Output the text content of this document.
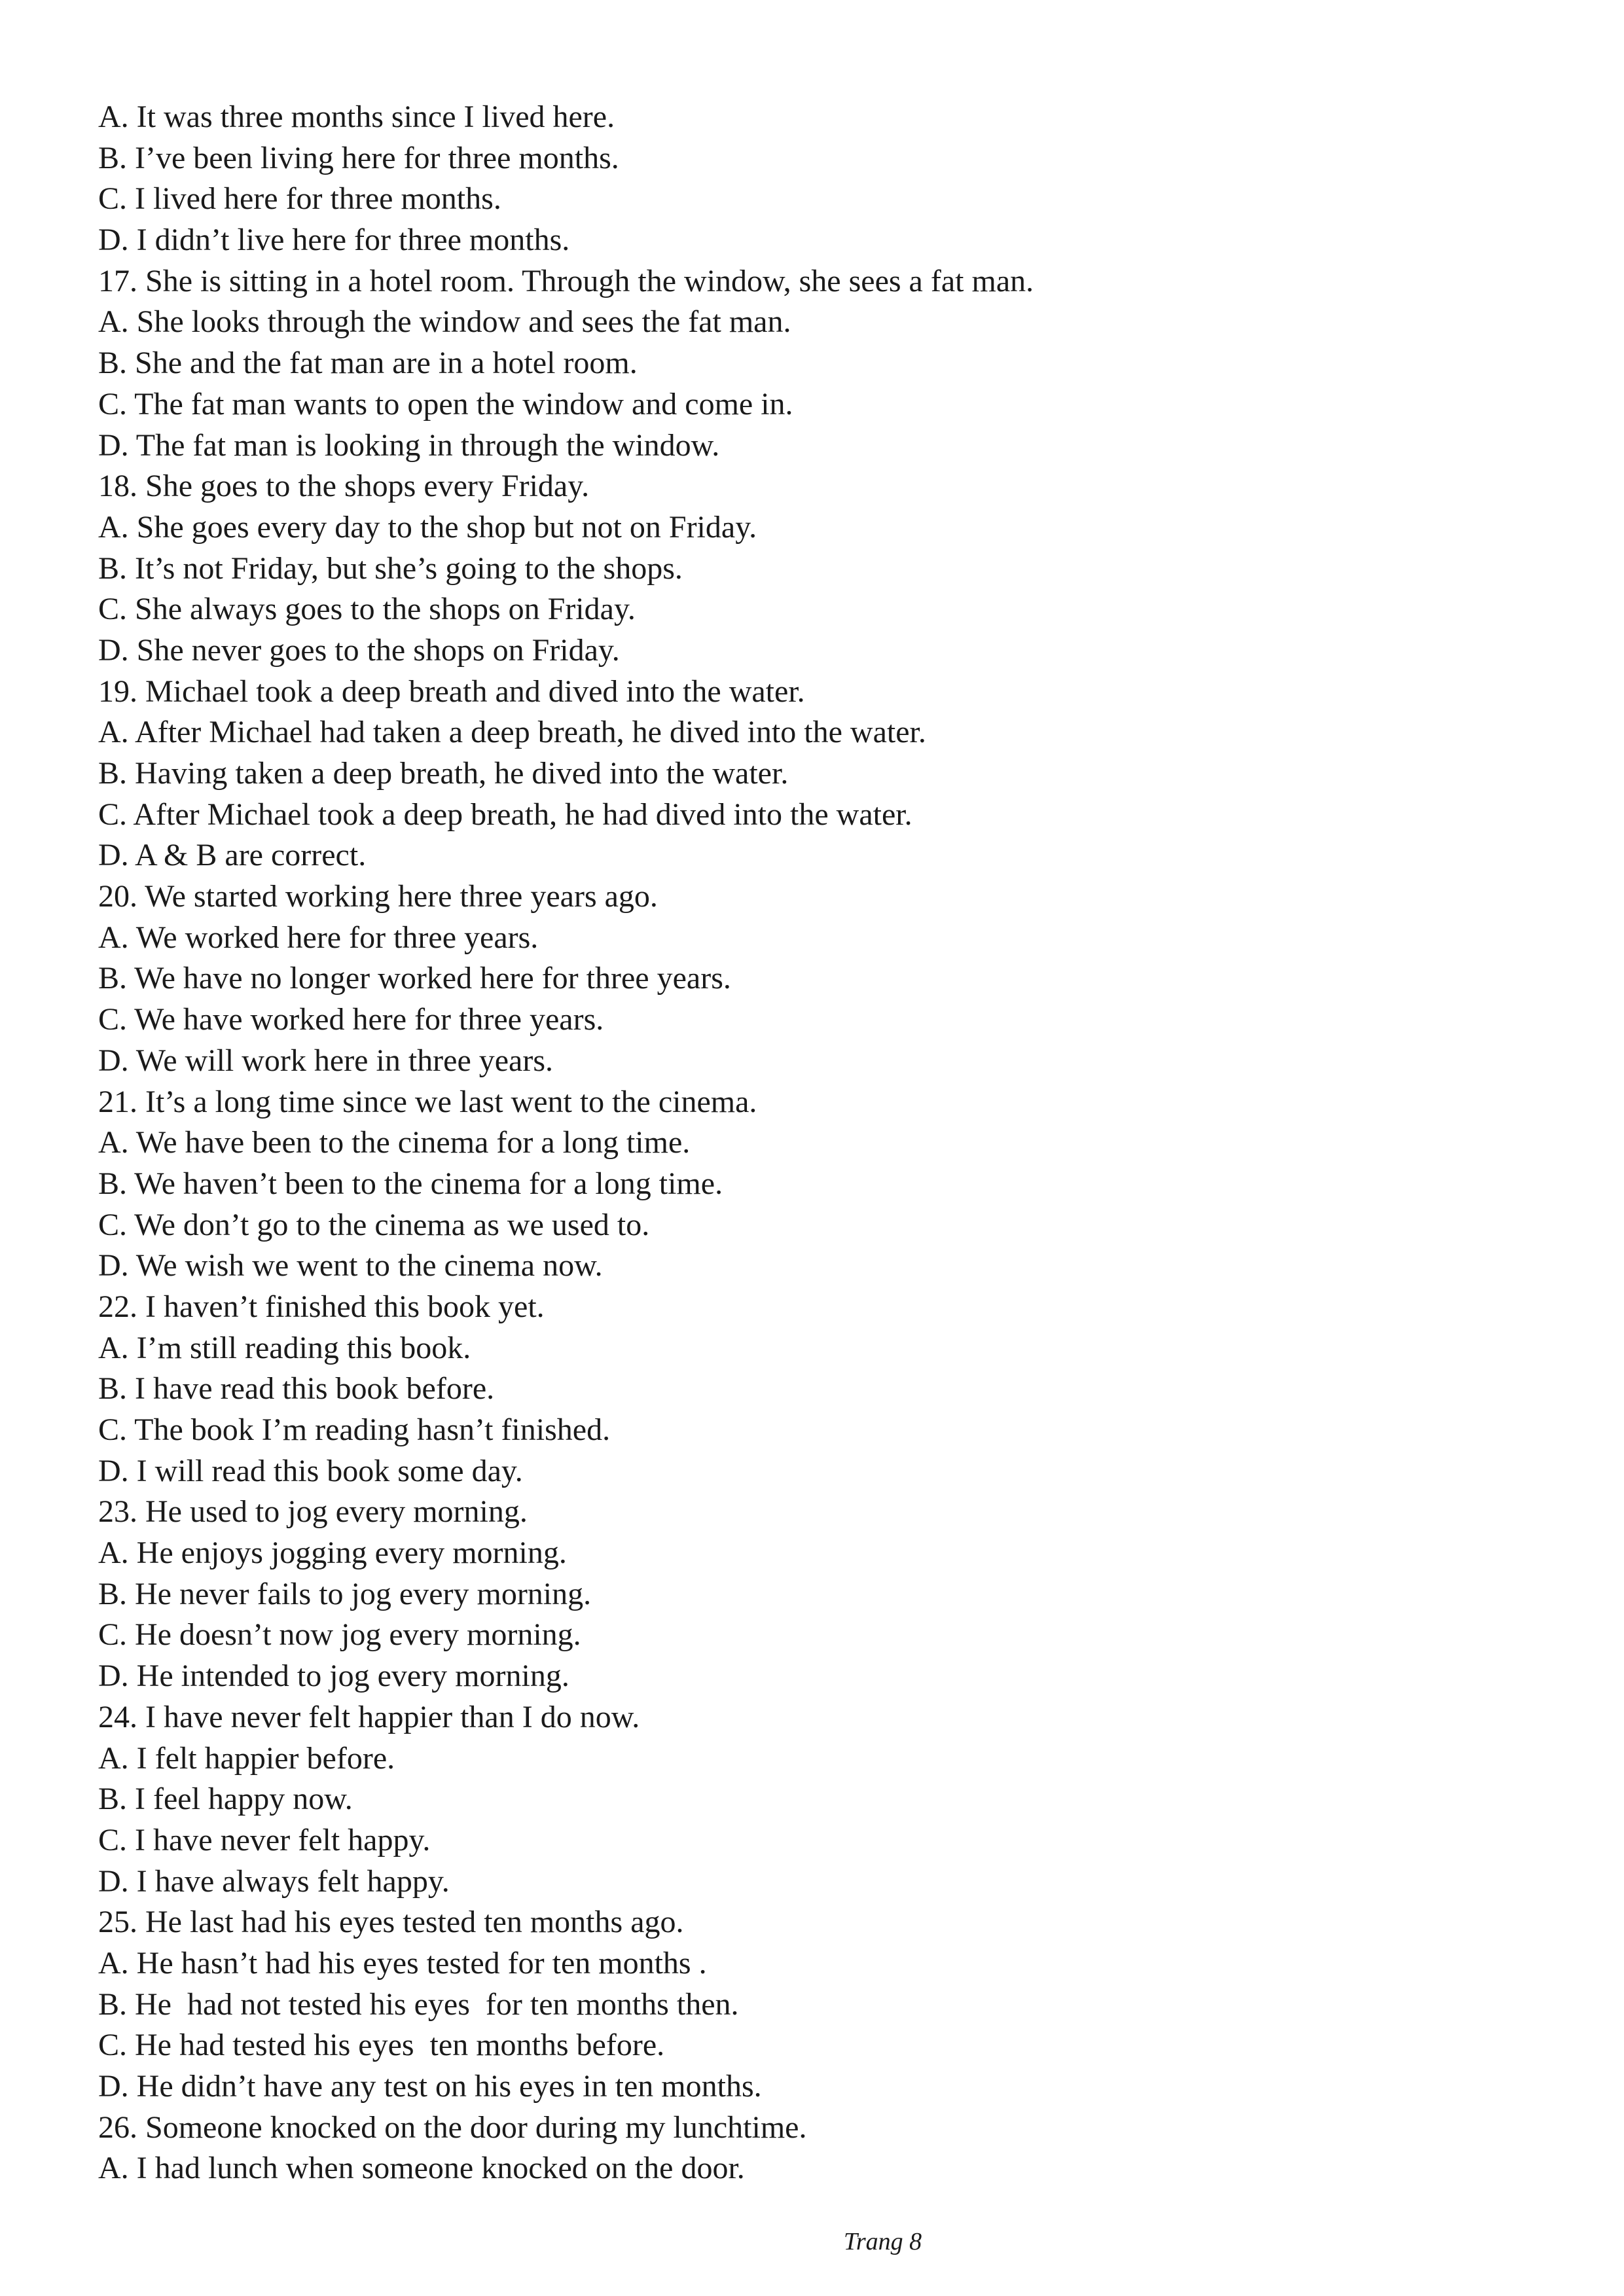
A. It was three months since I lived here.
B. I’ve been living here for three months.
C. I lived here for three months.
D. I didn’t live here for three months.
17. She is sitting in a hotel room. Through the window, she sees a fat man.
A. She looks through the window and sees the fat man.
B. She and the fat man are in a hotel room.
C. The fat man wants to open the window and come in.
D. The fat man is looking in through the window.
18. She goes to the shops every Friday.
A. She goes every day to the shop but not on Friday.
B. It’s not Friday, but she’s going to the shops.
C. She always goes to the shops on Friday.
D. She never goes to the shops on Friday.
19. Michael took a deep breath and dived into the water.
A. After Michael had taken a deep breath, he dived into the water.
B. Having taken a deep breath, he dived into the water.
C. After Michael took a deep breath, he had dived into the water.
D. A & B are correct.
20. We started working here three years ago.
A. We worked here for three years.
B. We have no longer worked here for three years.
C. We have worked here for three years.
D. We will work here in three years.
21. It’s a long time since we last went to the cinema.
A. We have been to the cinema for a long time.
B. We haven’t been to the cinema for a long time.
C. We don’t go to the cinema as we used to.
D. We wish we went to the cinema now.
22. I haven’t finished this book yet.
A. I’m still reading this book.
B. I have read this book before.
C. The book I’m reading hasn’t finished.
D. I will read this book some day.
23. He used to jog every morning.
A. He enjoys jogging every morning.
B. He never fails to jog every morning.
C. He doesn’t now jog every morning.
D. He intended to jog every morning.
24. I have never felt happier than I do now.
A. I felt happier before.
B. I feel happy now.
C. I have never felt happy.
D. I have always felt happy.
25. He last had his eyes tested ten months ago.
A. He hasn’t had his eyes tested for ten months .
B. He  had not tested his eyes  for ten months then.
C. He had tested his eyes  ten months before.
D. He didn’t have any test on his eyes in ten months.
26. Someone knocked on the door during my lunchtime.
A. I had lunch when someone knocked on the door.
Trang 8
